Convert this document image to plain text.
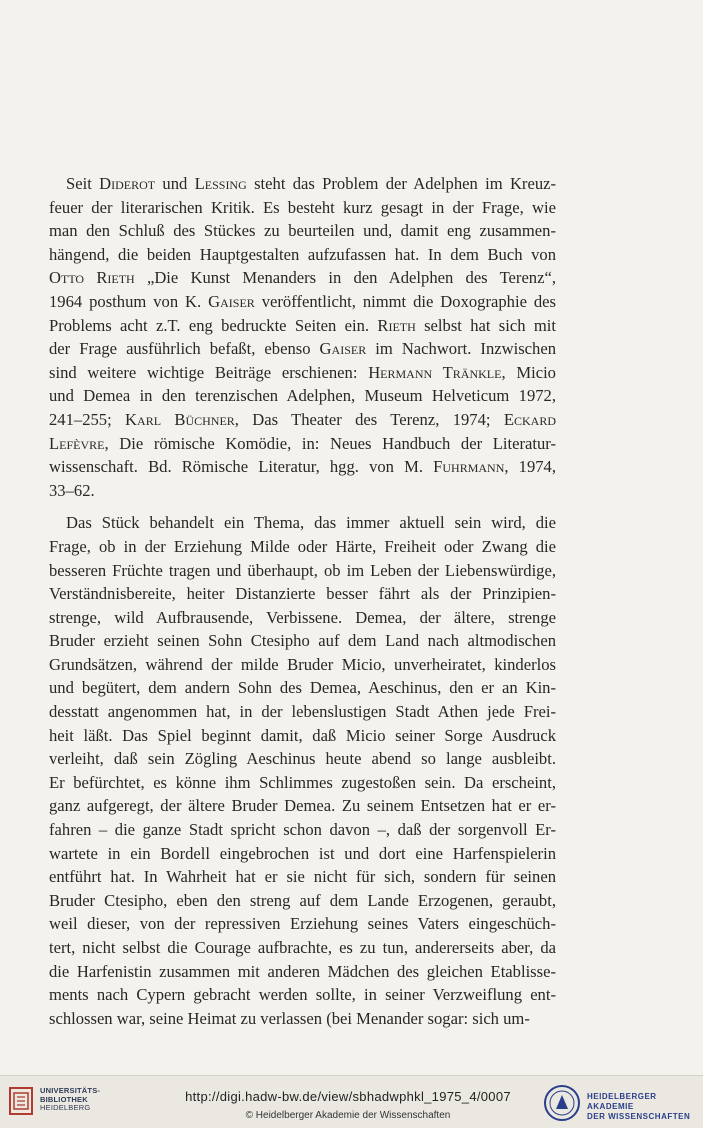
Seit Diderot und Lessing steht das Problem der Adelphen im Kreuz-
feuer der literarischen Kritik. Es besteht kurz gesagt in der Frage, wie
man den Schluß des Stückes zu beurteilen und, damit eng zusammen-
hängend, die beiden Hauptgestalten aufzufassen hat. In dem Buch von
Otto Rieth „Die Kunst Menanders in den Adelphen des Terenz“,
1964 posthum von K. Gaiser veröffentlicht, nimmt die Doxographie des
Problems acht z.T. eng bedruckte Seiten ein. Rieth selbst hat sich mit
der Frage ausführlich befaßt, ebenso Gaiser im Nachwort. Inzwischen
sind weitere wichtige Beiträge erschienen: Hermann Tränkle, Micio
und Demea in den terenzischen Adelphen, Museum Helveticum 1972,
241–255; Karl Büchner, Das Theater des Terenz, 1974; Eckard
Lefèvre, Die römische Komödie, in: Neues Handbuch der Literatur-
wissenschaft. Bd. Römische Literatur, hgg. von M. Fuhrmann, 1974,
33–62.
Das Stück behandelt ein Thema, das immer aktuell sein wird, die
Frage, ob in der Erziehung Milde oder Härte, Freiheit oder Zwang die
besseren Früchte tragen und überhaupt, ob im Leben der Liebenswürdige,
Verständnisbereite, heiter Distanzierte besser fährt als der Prinzipien-
strenge, wild Aufbrausende, Verbissene. Demea, der ältere, strenge
Bruder erzieht seinen Sohn Ctesipho auf dem Land nach altmodischen
Grundsätzen, während der milde Bruder Micio, unverheiratet, kinderlos
und begütert, dem andern Sohn des Demea, Aeschinus, den er an Kin-
desstatt angenommen hat, in der lebenslustigen Stadt Athen jede Frei-
heit läßt. Das Spiel beginnt damit, daß Micio seiner Sorge Ausdruck
verleiht, daß sein Zögling Aeschinus heute abend so lange ausbleibt.
Er befürchtet, es könne ihm Schlimmes zugestoßen sein. Da erscheint,
ganz aufgeregt, der ältere Bruder Demea. Zu seinem Entsetzen hat er er-
fahren – die ganze Stadt spricht schon davon –, daß der sorgenvoll Er-
wartete in ein Bordell eingebrochen ist und dort eine Harfenspielerin
entführt hat. In Wahrheit hat er sie nicht für sich, sondern für seinen
Bruder Ctesipho, eben den streng auf dem Lande Erzogenen, geraubt,
weil dieser, von der repressiven Erziehung seines Vaters eingeschüch-
tert, nicht selbst die Courage aufbrachte, es zu tun, andererseits aber, da
die Harfenistin zusammen mit anderen Mädchen des gleichen Etablisse-
ments nach Cypern gebracht werden sollte, in seiner Verzweiflung ent-
schlossen war, seine Heimat zu verlassen (bei Menander sogar: sich um-
UNIVERSITÄTS-
BIBLIOTHEK
HEIDELBERG
http://digi.hadw-bw.de/view/sbhadwphkl_1975_4/0007
© Heidelberger Akademie der Wissenschaften
HEIDELBERGER AKADEMIE
DER WISSENSCHAFTEN
